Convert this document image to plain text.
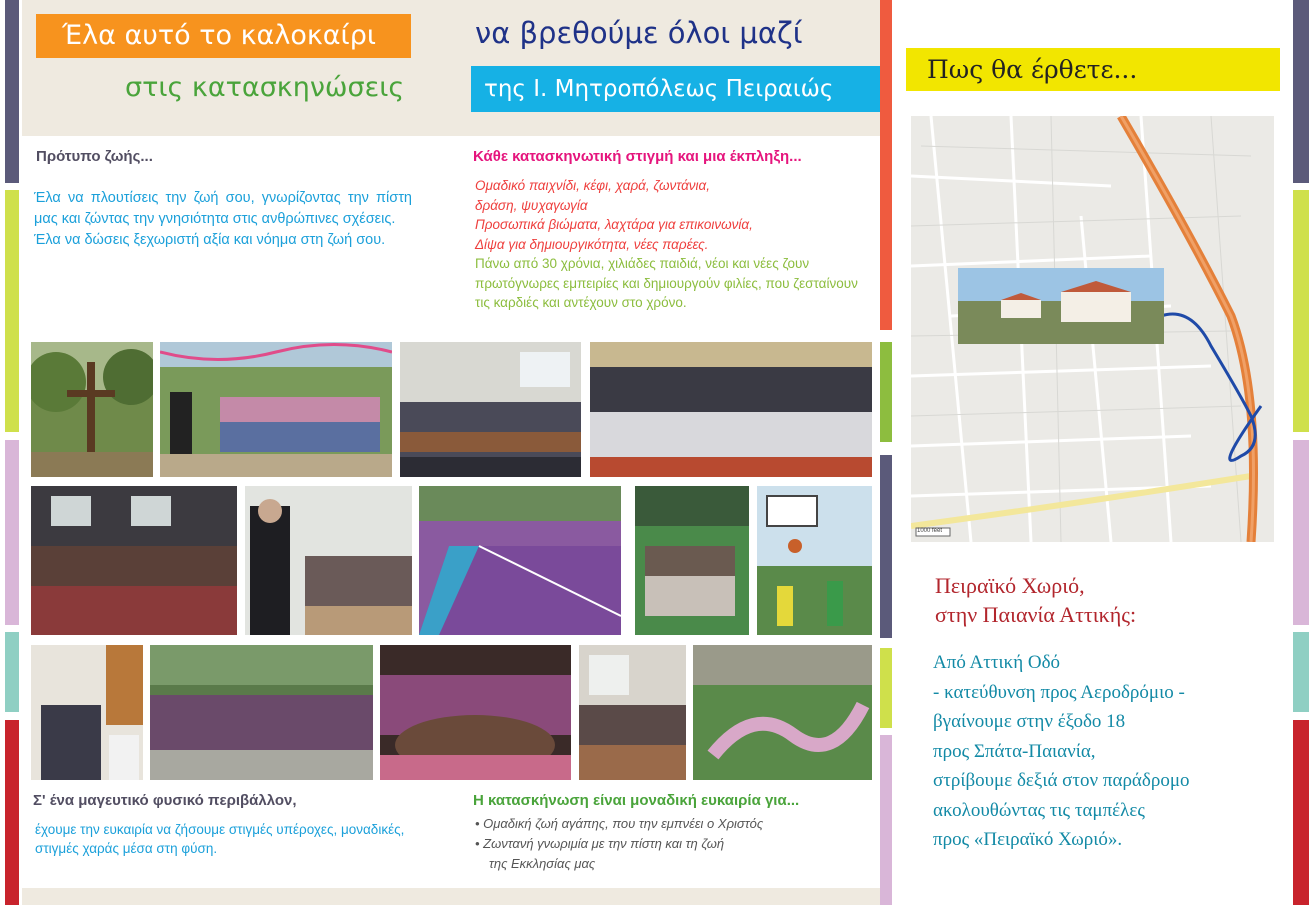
Έλα αυτό το καλοκαίρι
στις κατασκηνώσεις
να βρεθούμε όλοι μαζί
της Ι. Μητροπόλεως Πειραιώς
Πρότυπο ζωής...

Έλα να πλουτίσεις την ζωή σου, γνωρίζοντας την πίστη μας και ζώντας την γνησιότητα στις ανθρώπινες σχέσεις.

Έλα να δώσεις ξεχωριστή αξία και νόημα στη ζωή σου.

Κάθε κατασκηνωτική στιγμή και μια έκπληξη...
Ομαδικό παιχνίδι, κέφι, χαρά, ζωντάνια,
δράση, ψυχαγωγία
Προσωπικά βιώματα, λαχτάρα για επικοινωνία,
Δίψα για δημιουργικότητα, νέες παρέες.
Πάνω από 30 χρόνια, χιλιάδες παιδιά, νέοι και νέες ζουν πρωτόγνωρες εμπειρίες και δημιουργούν φιλίες, που ζεσταίνουν τις καρδιές και αντέχουν στο χρόνο.
Σ' ένα μαγευτικό φυσικό περιβάλλον,
έχουμε την ευκαιρία να ζήσουμε στιγμές υπέροχες, μοναδικές, στιγμές χαράς μέσα στη φύση.
Η κατασκήνωση είναι μοναδική ευκαιρία για...
• Ομαδική ζωή αγάπης, που την εμπνέει ο Χριστός
• Ζωντανή γνωριμία με την πίστη και τη ζωή
της Εκκλησίας μας
Πως θα έρθετε...
1000 feet
Πειραϊκό Χωριό,
στην Παιανία Αττικής:
Από Αττική Οδό
- κατεύθυνση προς Αεροδρόμιο -
βγαίνουμε στην έξοδο 18
προς Σπάτα-Παιανία,
στρίβουμε δεξιά στον παράδρομο
ακολουθώντας τις ταμπέλες
προς «Πειραϊκό Χωριό».
